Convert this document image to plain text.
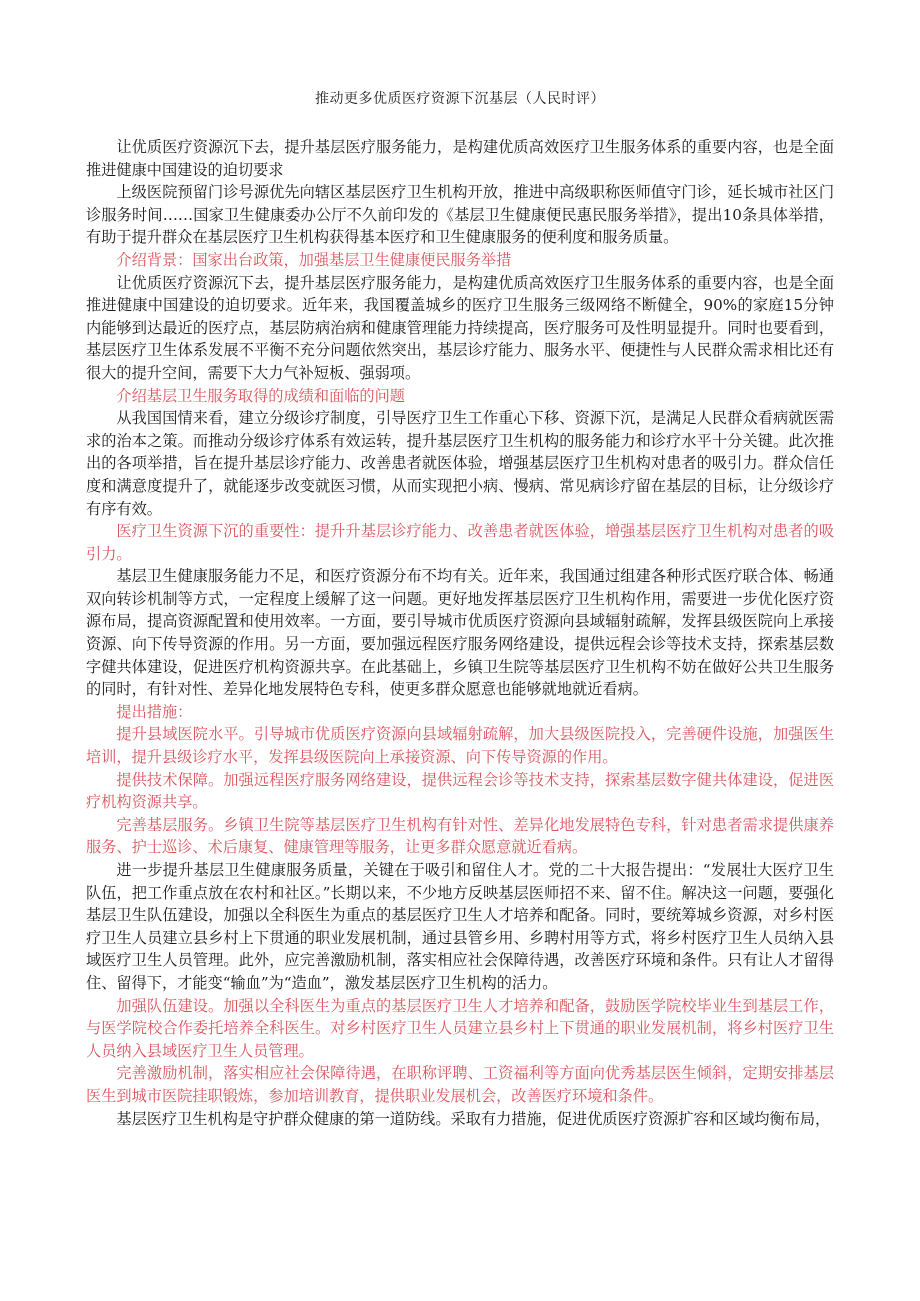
推动更多优质医疗资源下沉基层（人民时评）

让优质医疗资源沉下去，提升基层医疗服务能力，是构建优质高效医疗卫生服务体系的重要内容，也是全面推进健康中国建设的迫切要求

上级医院预留门诊号源优先向辖区基层医疗卫生机构开放，推进中高级职称医师值守门诊，延长城市社区门诊服务时间……国家卫生健康委办公厅不久前印发的《基层卫生健康便民惠民服务举措》，提出10条具体举措，有助于提升群众在基层医疗卫生机构获得基本医疗和卫生健康服务的便利度和服务质量。

介绍背景：国家出台政策，加强基层卫生健康便民服务举措

让优质医疗资源沉下去，提升基层医疗服务能力，是构建优质高效医疗卫生服务体系的重要内容，也是全面推进健康中国建设的迫切要求。近年来，我国覆盖城乡的医疗卫生服务三级网络不断健全，90%的家庭15分钟内能够到达最近的医疗点，基层防病治病和健康管理能力持续提高，医疗服务可及性明显提升。同时也要看到，基层医疗卫生体系发展不平衡不充分问题依然突出，基层诊疗能力、服务水平、便捷性与人民群众需求相比还有很大的提升空间，需要下大力气补短板、强弱项。

介绍基层卫生服务取得的成绩和面临的问题

从我国国情来看，建立分级诊疗制度，引导医疗卫生工作重心下移、资源下沉，是满足人民群众看病就医需求的治本之策。而推动分级诊疗体系有效运转，提升基层医疗卫生机构的服务能力和诊疗水平十分关键。此次推出的各项举措，旨在提升基层诊疗能力、改善患者就医体验，增强基层医疗卫生机构对患者的吸引力。群众信任度和满意度提升了，就能逐步改变就医习惯，从而实现把小病、慢病、常见病诊疗留在基层的目标，让分级诊疗有序有效。

医疗卫生资源下沉的重要性：提升升基层诊疗能力、改善患者就医体验，增强基层医疗卫生机构对患者的吸引力。

基层卫生健康服务能力不足，和医疗资源分布不均有关。近年来，我国通过组建各种形式医疗联合体、畅通双向转诊机制等方式，一定程度上缓解了这一问题。更好地发挥基层医疗卫生机构作用，需要进一步优化医疗资源布局，提高资源配置和使用效率。一方面，要引导城市优质医疗资源向县域辐射疏解，发挥县级医院向上承接资源、向下传导资源的作用。另一方面，要加强远程医疗服务网络建设，提供远程会诊等技术支持，探索基层数字健共体建设，促进医疗机构资源共享。在此基础上，乡镇卫生院等基层医疗卫生机构不妨在做好公共卫生服务的同时，有针对性、差异化地发展特色专科，使更多群众愿意也能够就地就近看病。

提出措施：

提升县域医院水平。引导城市优质医疗资源向县域辐射疏解，加大县级医院投入，完善硬件设施，加强医生培训，提升县级诊疗水平，发挥县级医院向上承接资源、向下传导资源的作用。

提供技术保障。加强远程医疗服务网络建设，提供远程会诊等技术支持，探索基层数字健共体建设，促进医疗机构资源共享。

完善基层服务。乡镇卫生院等基层医疗卫生机构有针对性、差异化地发展特色专科，针对患者需求提供康养服务、护士巡诊、术后康复、健康管理等服务，让更多群众愿意就近看病。

进一步提升基层卫生健康服务质量，关键在于吸引和留住人才。党的二十大报告提出：“发展壮大医疗卫生队伍，把工作重点放在农村和社区。”长期以来，不少地方反映基层医师招不来、留不住。解决这一问题，要强化基层卫生队伍建设，加强以全科医生为重点的基层医疗卫生人才培养和配备。同时，要统筹城乡资源，对乡村医疗卫生人员建立县乡村上下贯通的职业发展机制，通过县管乡用、乡聘村用等方式，将乡村医疗卫生人员纳入县域医疗卫生人员管理。此外，应完善激励机制，落实相应社会保障待遇，改善医疗环境和条件。只有让人才留得住、留得下，才能变“输血”为“造血”，激发基层医疗卫生机构的活力。

加强队伍建设。加强以全科医生为重点的基层医疗卫生人才培养和配备，鼓励医学院校毕业生到基层工作，与医学院校合作委托培养全科医生。对乡村医疗卫生人员建立县乡村上下贯通的职业发展机制，将乡村医疗卫生人员纳入县域医疗卫生人员管理。

完善激励机制，落实相应社会保障待遇，在职称评聘、工资福利等方面向优秀基层医生倾斜，定期安排基层医生到城市医院挂职锻炼，参加培训教育，提供职业发展机会，改善医疗环境和条件。

基层医疗卫生机构是守护群众健康的第一道防线。采取有力措施，促进优质医疗资源扩容和区域均衡布局，
